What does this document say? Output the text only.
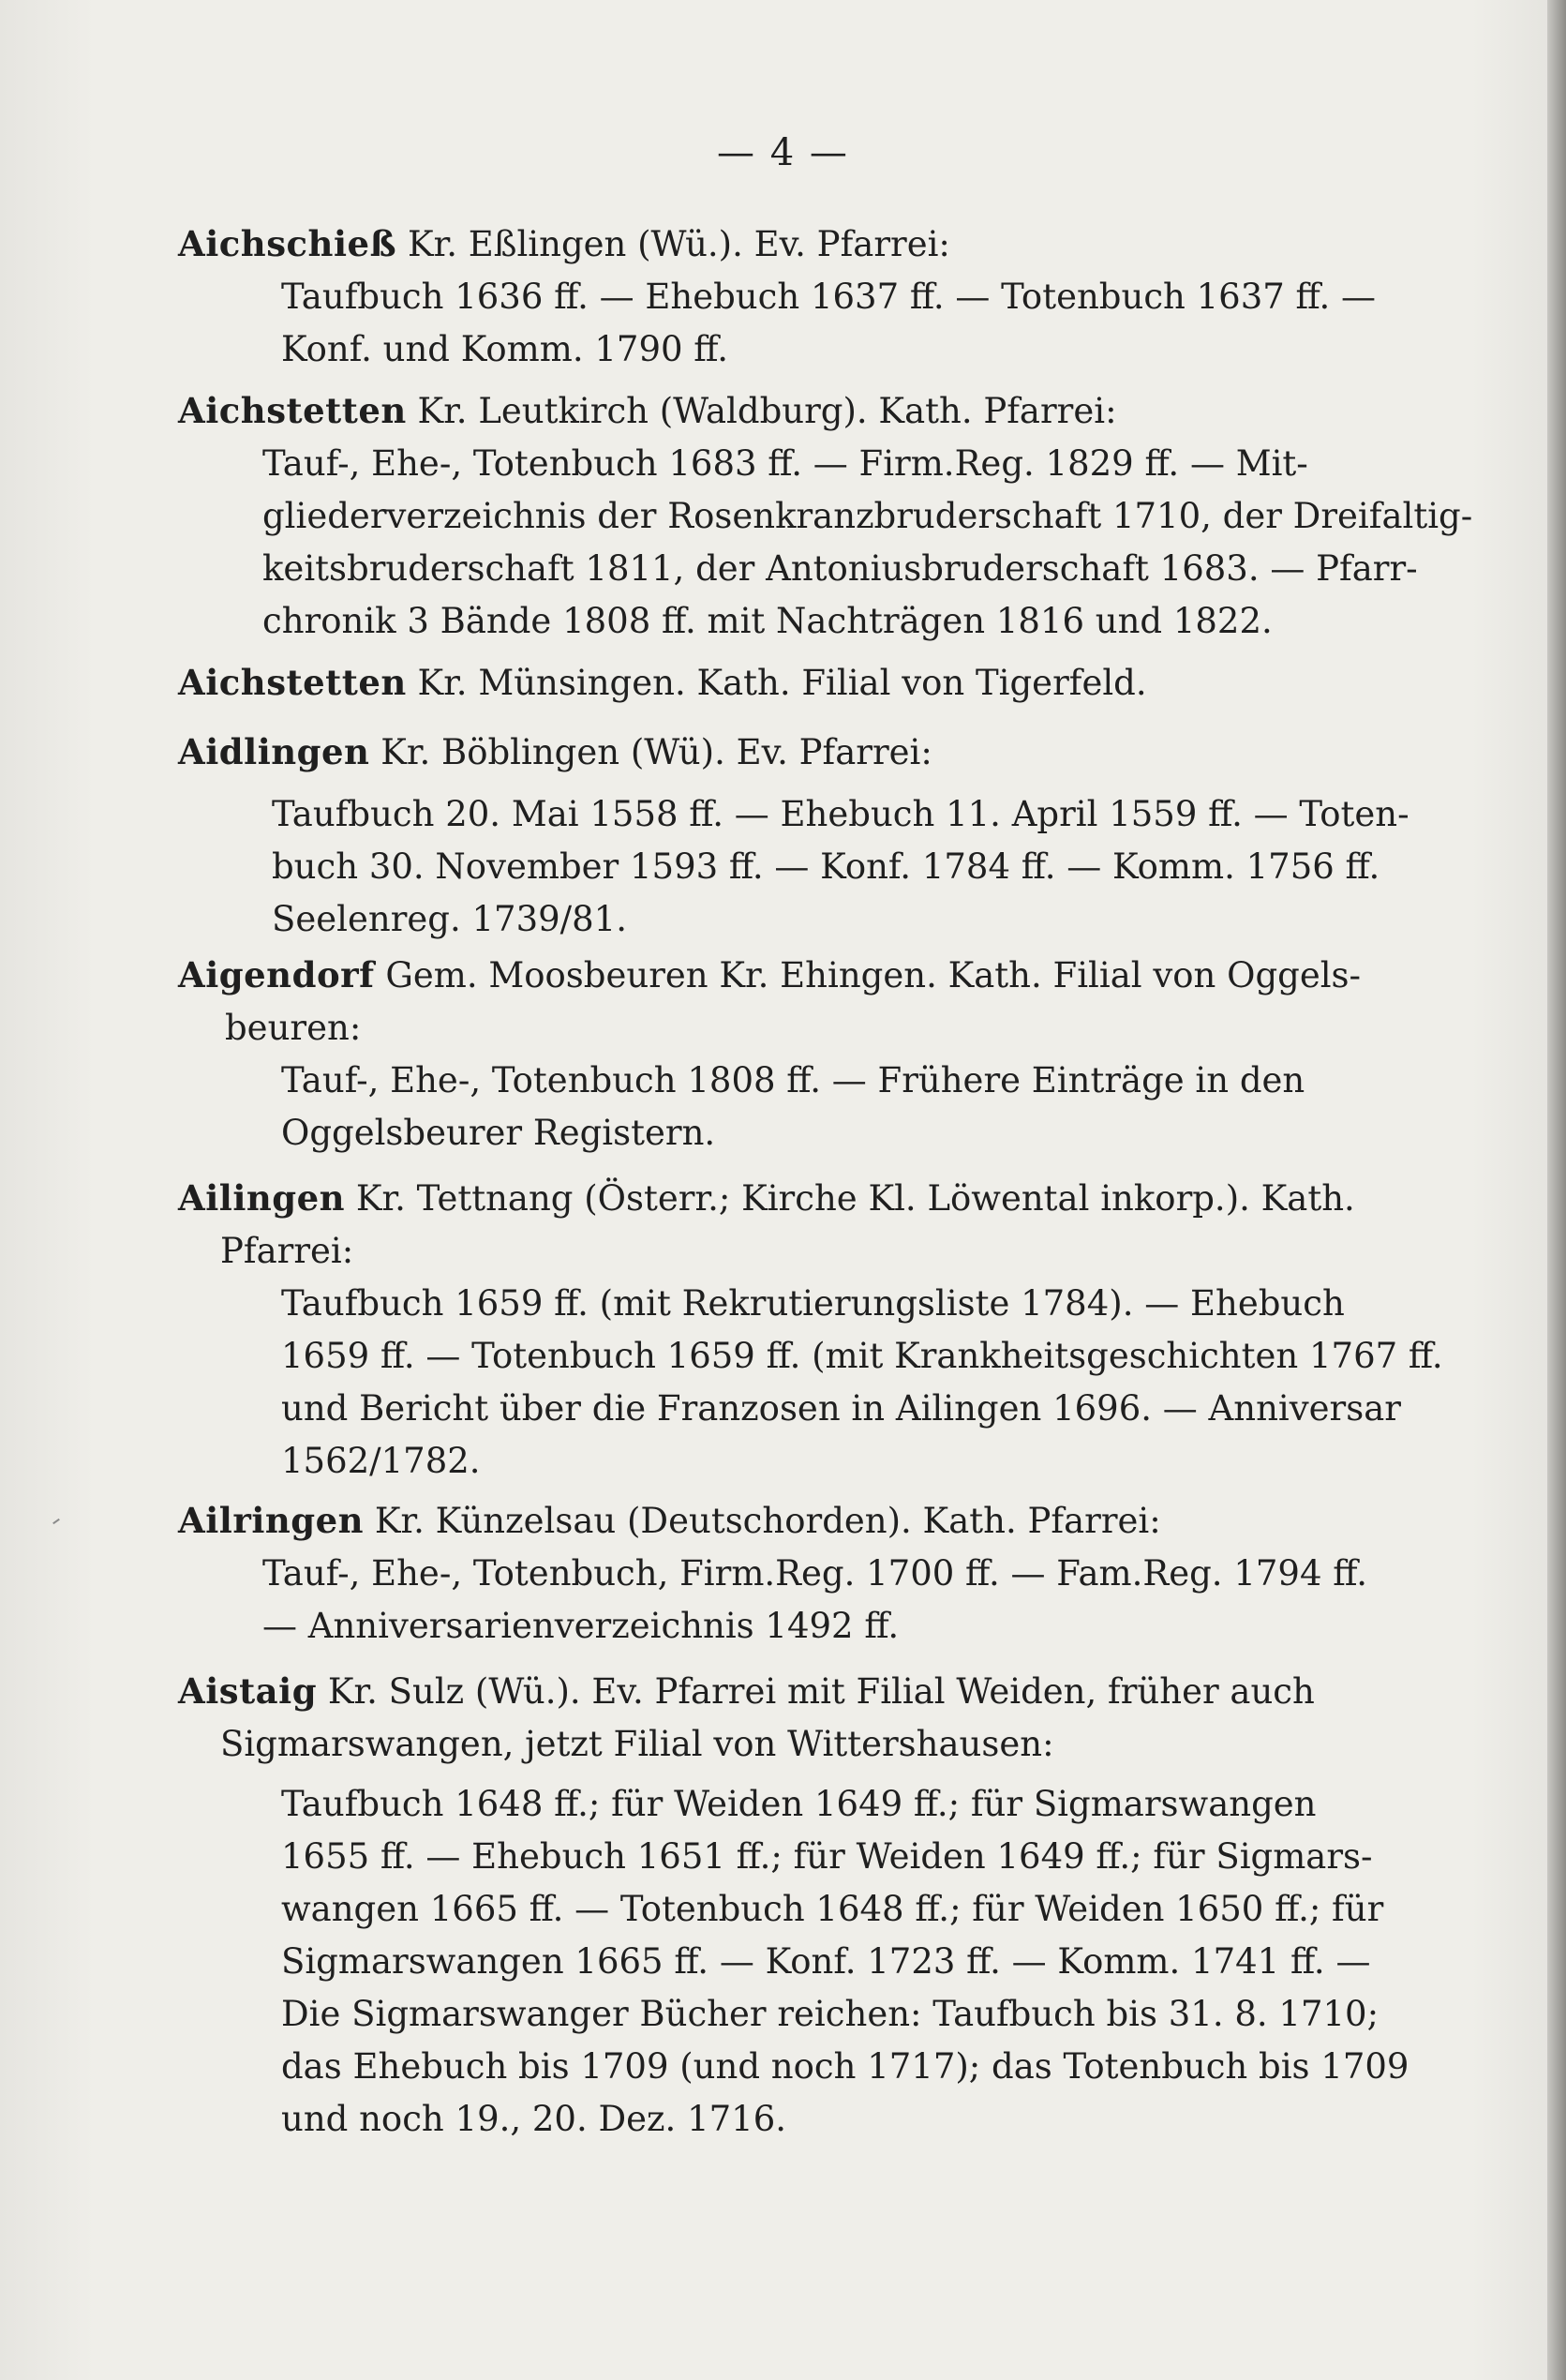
— 4 —
Aichschieß Kr. Eßlingen (Wü.). Ev. Pfarrei:
Taufbuch 1636 ff. — Ehebuch 1637 ff. — Totenbuch 1637 ff. —
Konf. und Komm. 1790 ff.
Aichstetten Kr. Leutkirch (Waldburg). Kath. Pfarrei:
Tauf-, Ehe-, Totenbuch 1683 ff. — Firm.Reg. 1829 ff. — Mit-
gliederverzeichnis der Rosenkranzbruderschaft 1710, der Dreifaltig-
keitsbruderschaft 1811, der Antoniusbruderschaft 1683. — Pfarr-
chronik 3 Bände 1808 ff. mit Nachträgen 1816 und 1822.
Aichstetten Kr. Münsingen. Kath. Filial von Tigerfeld.
Aidlingen Kr. Böblingen (Wü). Ev. Pfarrei:
Taufbuch 20. Mai 1558 ff. — Ehebuch 11. April 1559 ff. — Toten-
buch 30. November 1593 ff. — Konf. 1784 ff. — Komm. 1756 ff.
Seelenreg. 1739/81.
Aigendorf Gem. Moosbeuren Kr. Ehingen. Kath. Filial von Oggels-
beuren:
Tauf-, Ehe-, Totenbuch 1808 ff. — Frühere Einträge in den
Oggelsbeurer Registern.
Ailingen Kr. Tettnang (Österr.; Kirche Kl. Löwental inkorp.). Kath.
Pfarrei:
Taufbuch 1659 ff. (mit Rekrutierungsliste 1784). — Ehebuch
1659 ff. — Totenbuch 1659 ff. (mit Krankheitsgeschichten 1767 ff.
und Bericht über die Franzosen in Ailingen 1696. — Anniversar
1562/1782.
Ailringen Kr. Künzelsau (Deutschorden). Kath. Pfarrei:
Tauf-, Ehe-, Totenbuch, Firm.Reg. 1700 ff. — Fam.Reg. 1794 ff.
— Anniversarienverzeichnis 1492 ff.
Aistaig Kr. Sulz (Wü.). Ev. Pfarrei mit Filial Weiden, früher auch
Sigmarswangen, jetzt Filial von Wittershausen:
Taufbuch 1648 ff.; für Weiden 1649 ff.; für Sigmarswangen
1655 ff. — Ehebuch 1651 ff.; für Weiden 1649 ff.; für Sigmars-
wangen 1665 ff. — Totenbuch 1648 ff.; für Weiden 1650 ff.; für
Sigmarswangen 1665 ff. — Konf. 1723 ff. — Komm. 1741 ff. —
Die Sigmarswanger Bücher reichen: Taufbuch bis 31. 8. 1710;
das Ehebuch bis 1709 (und noch 1717); das Totenbuch bis 1709
und noch 19., 20. Dez. 1716.
